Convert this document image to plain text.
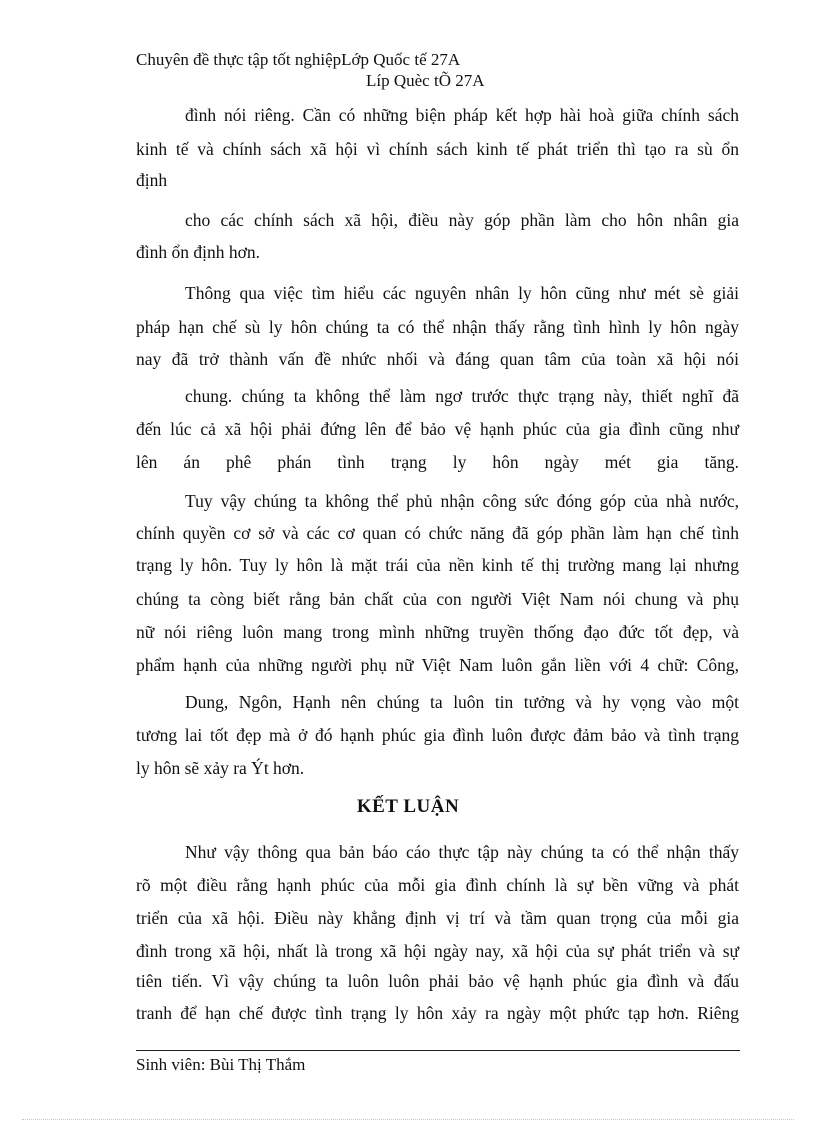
Chuyên đề thực tập tốt nghiệpLớp Quốc tế 27A
Líp Quèc tÕ 27A
đình nói riêng. Cần có những biện pháp kết hợp hài hoà giữa chính sách
kinh tế và chính sách xã hội vì chính sách kinh tế phát triển thì tạo ra sù ổn
định
cho các chính sách xã hội, điều này góp phần làm cho hôn nhân gia
đình ổn định hơn.
Thông qua việc tìm hiểu các nguyên nhân ly hôn cũng như mét sè giải
pháp hạn chế sù ly hôn chúng ta có thể nhận thấy rằng tình hình ly hôn ngày
nay đã trở thành vấn đề nhức nhối và đáng quan tâm của toàn xã hội nói
chung. chúng ta không thể làm ngơ trước thực trạng này, thiết nghĩ đã
đến lúc cả xã hội phải đứng lên để bảo vệ hạnh phúc của gia đình cũng như
lên án phê phán tình trạng ly hôn ngày mét gia tăng.
Tuy vậy chúng ta không thể phủ nhận công sức đóng góp của nhà nước,
chính quyền cơ sở và các cơ quan có chức năng đã góp phần làm hạn chế tình
trạng ly hôn. Tuy ly hôn là mặt trái của nền kinh tế thị trường mang lại nhưng
chúng ta còng biết rằng bản chất của con người Việt Nam nói chung và phụ
nữ nói riêng luôn mang trong mình những truyền thống đạo đức tốt đẹp, và
phẩm hạnh của những người phụ nữ Việt Nam luôn gắn liền với 4 chữ: Công,
Dung, Ngôn, Hạnh nên chúng ta luôn tin tưởng và hy vọng vào một
tương lai tốt đẹp mà ở đó hạnh phúc gia đình luôn được đảm bảo và tình trạng
ly hôn sẽ xảy ra Ýt hơn.
KẾT LUẬN
Như vậy thông qua bản báo cáo thực tập này chúng ta có thể nhận thấy
rõ một điều rằng hạnh phúc của mỗi gia đình chính là sự bền vững và phát
triển của xã hội. Điều này khẳng định vị trí và tầm quan trọng của mỗi gia
đình trong xã hội, nhất là trong xã hội ngày nay, xã hội của sự phát triển và sự
tiên tiến. Vì vậy chúng ta luôn luôn phải bảo vệ hạnh phúc gia đình và đấu
tranh để hạn chế được tình trạng ly hôn xảy ra ngày một phức tạp hơn. Riêng
Sinh viên: Bùi Thị Thắm
